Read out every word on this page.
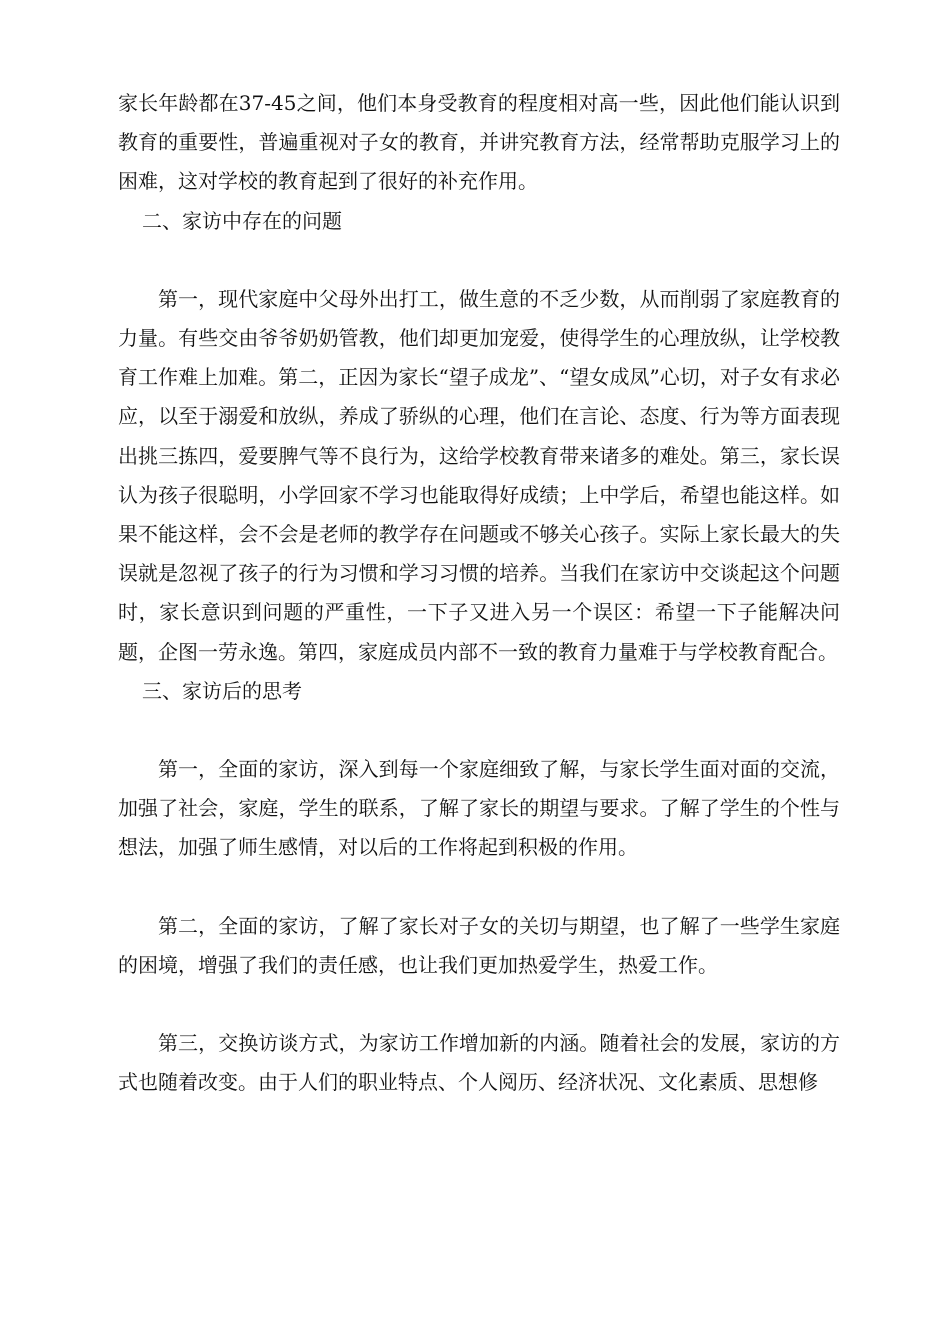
家长年龄都在37-45之间，他们本身受教育的程度相对高一些，因此他们能认识到教育的重要性，普遍重视对子女的教育，并讲究教育方法，经常帮助克服学习上的困难，这对学校的教育起到了很好的补充作用。

二、家访中存在的问题

第一，现代家庭中父母外出打工，做生意的不乏少数，从而削弱了家庭教育的力量。有些交由爷爷奶奶管教，他们却更加宠爱，使得学生的心理放纵，让学校教育工作难上加难。第二，正因为家长“望子成龙”、“望女成凤”心切，对子女有求必应，以至于溺爱和放纵，养成了骄纵的心理，他们在言论、态度、行为等方面表现出挑三拣四，爱要脾气等不良行为，这给学校教育带来诸多的难处。第三，家长误认为孩子很聪明，小学回家不学习也能取得好成绩；上中学后，希望也能这样。如果不能这样，会不会是老师的教学存在问题或不够关心孩子。实际上家长最大的失误就是忽视了孩子的行为习惯和学习习惯的培养。当我们在家访中交谈起这个问题时，家长意识到问题的严重性，一下子又进入另一个误区：希望一下子能解决问题，企图一劳永逸。第四，家庭成员内部不一致的教育力量难于与学校教育配合。

三、家访后的思考

第一，全面的家访，深入到每一个家庭细致了解，与家长学生面对面的交流，加强了社会，家庭，学生的联系，了解了家长的期望与要求。了解了学生的个性与想法，加强了师生感情，对以后的工作将起到积极的作用。

第二，全面的家访，了解了家长对子女的关切与期望，也了解了一些学生家庭的困境，增强了我们的责任感，也让我们更加热爱学生，热爱工作。

第三，交换访谈方式，为家访工作增加新的内涵。随着社会的发展，家访的方式也随着改变。由于人们的职业特点、个人阅历、经济状况、文化素质、思想修
